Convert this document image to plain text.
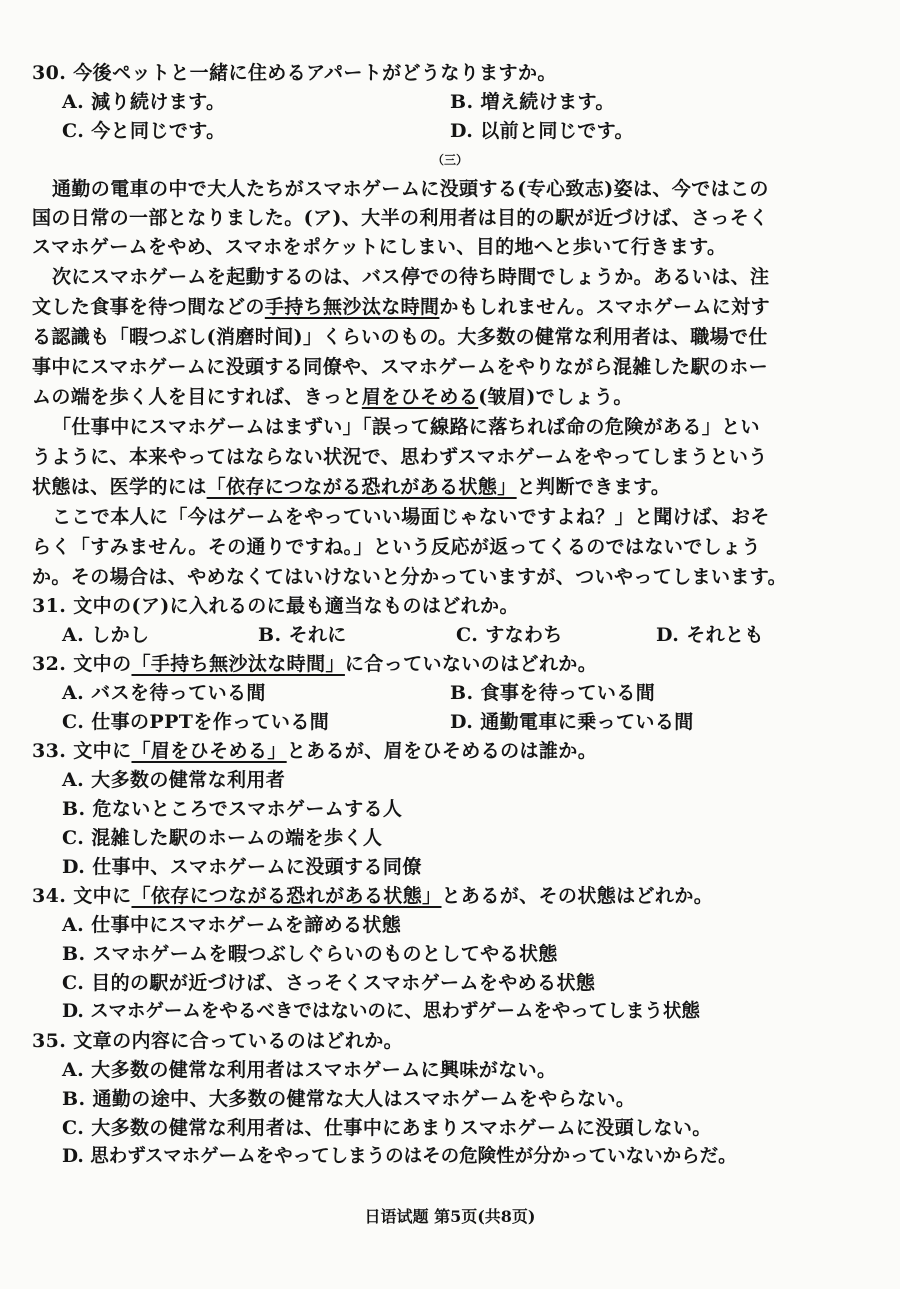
30. 今後ペットと一緒に住めるアパートがどうなりますか。
A. 減り続けます。	B. 増え続けます。
C. 今と同じです。	D. 以前と同じです。
（三）
通勤の電車の中で大人たちがスマホゲームに没頭する(专心致志)姿は、今ではこの
国の日常の一部となりました。(ア)、大半の利用者は目的の駅が近づけば、さっそく
スマホゲームをやめ、スマホをポケットにしまい、目的地へと歩いて行きます。
次にスマホゲームを起動するのは、バス停での待ち時間でしょうか。あるいは、注
文した食事を待つ間などの手持ち無沙汰な時間かもしれません。スマホゲームに対す
る認識も「暇つぶし(消磨时间)」くらいのもの。大多数の健常な利用者は、職場で仕
事中にスマホゲームに没頭する同僚や、スマホゲームをやりながら混雑した駅のホー
ムの端を歩く人を目にすれば、きっと眉をひそめる(皱眉)でしょう。
「仕事中にスマホゲームはまずい」「誤って線路に落ちれば命の危険がある」とい
うように、本来やってはならない状況で、思わずスマホゲームをやってしまうという
状態は、医学的には「依存につながる恐れがある状態」と判断できます。
ここで本人に「今はゲームをやっていい場面じゃないですよね？」と聞けば、おそ
らく「すみません。その通りですね。」という反応が返ってくるのではないでしょう
か。その場合は、やめなくてはいけないと分かっていますが、ついやってしまいます。
31. 文中の(ア)に入れるのに最も適当なものはどれか。
A. しかし	B. それに	C. すなわち	D. それとも
32. 文中の「手持ち無沙汰な時間」に合っていないのはどれか。
A. バスを待っている間	B. 食事を待っている間
C. 仕事のPPTを作っている間	D. 通勤電車に乗っている間
33. 文中に「眉をひそめる」とあるが、眉をひそめるのは誰か。
A. 大多数の健常な利用者
B. 危ないところでスマホゲームする人
C. 混雑した駅のホームの端を歩く人
D. 仕事中、スマホゲームに没頭する同僚
34. 文中に「依存につながる恐れがある状態」とあるが、その状態はどれか。
A. 仕事中にスマホゲームを諦める状態
B. スマホゲームを暇つぶしぐらいのものとしてやる状態
C. 目的の駅が近づけば、さっそくスマホゲームをやめる状態
D. スマホゲームをやるべきではないのに、思わずゲームをやってしまう状態
35. 文章の内容に合っているのはどれか。
A. 大多数の健常な利用者はスマホゲームに興味がない。
B. 通勤の途中、大多数の健常な大人はスマホゲームをやらない。
C. 大多数の健常な利用者は、仕事中にあまりスマホゲームに没頭しない。
D. 思わずスマホゲームをやってしまうのはその危険性が分かっていないからだ。
日语试题 第5页(共8页)
